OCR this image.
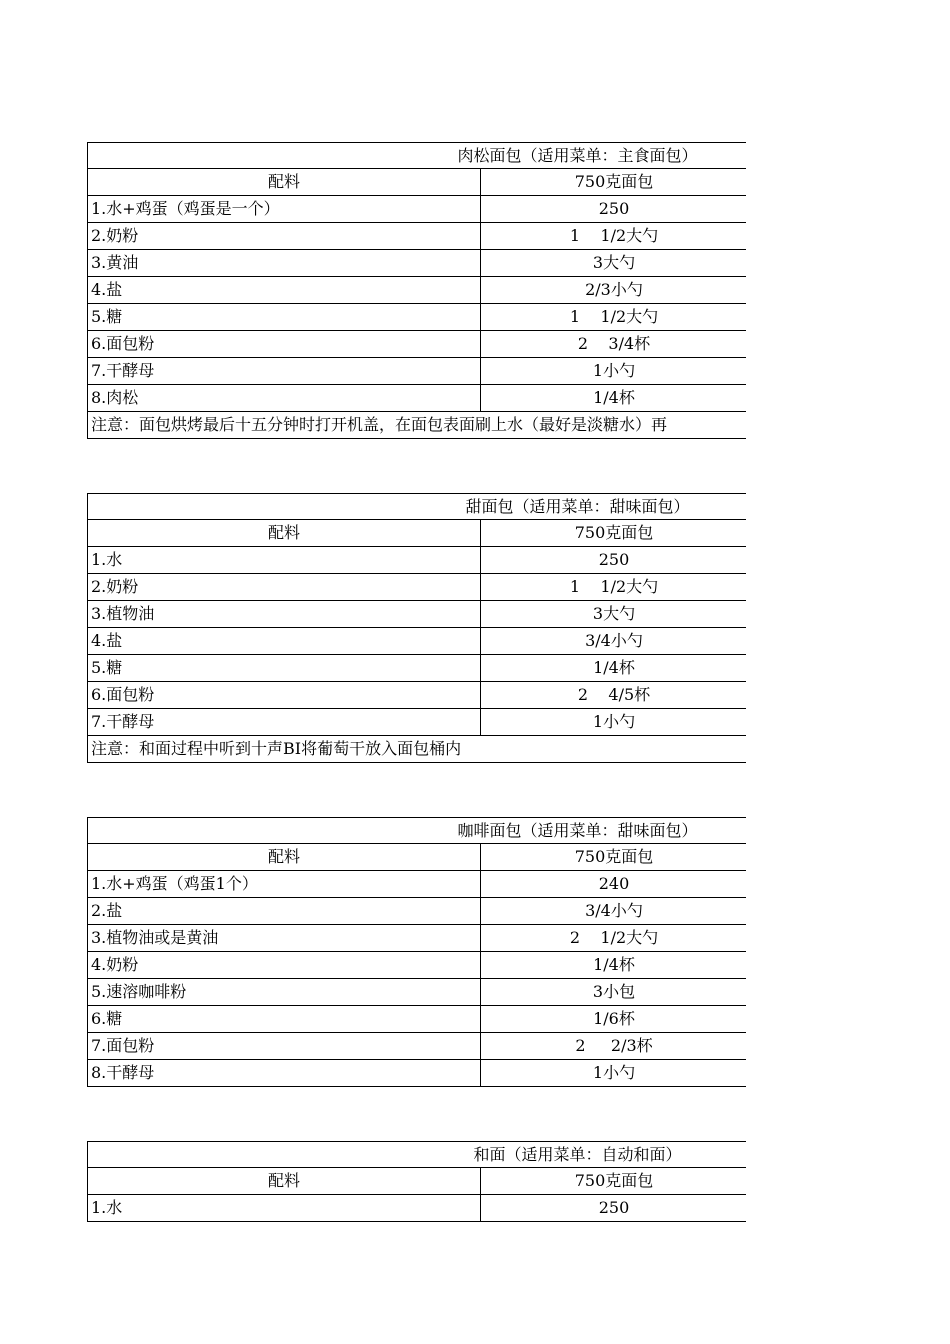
肉松面包（适用菜单：主食面包）
配料	750克面包
1.水+鸡蛋（鸡蛋是一个）	250
2.奶粉	1    1/2大勺
3.黄油	3大勺
4.盐	2/3小勺
5.糖	1    1/2大勺
6.面包粉	2    3/4杯
7.干酵母	1小勺
8.肉松	1/4杯
注意：面包烘烤最后十五分钟时打开机盖，在面包表面刷上水（最好是淡糖水）再
甜面包（适用菜单：甜味面包）
配料	750克面包
1.水	250
2.奶粉	1    1/2大勺
3.植物油	3大勺
4.盐	3/4小勺
5.糖	1/4杯
6.面包粉	2    4/5杯
7.干酵母	1小勺
注意：和面过程中听到十声BI将葡萄干放入面包桶内
咖啡面包（适用菜单：甜味面包）
配料	750克面包
1.水+鸡蛋（鸡蛋1个）	240
2.盐	3/4小勺
3.植物油或是黄油	2    1/2大勺
4.奶粉	1/4杯
5.速溶咖啡粉	3小包
6.糖	1/6杯
7.面包粉	2     2/3杯
8.干酵母	1小勺
和面（适用菜单：自动和面）
配料	750克面包
1.水	250
